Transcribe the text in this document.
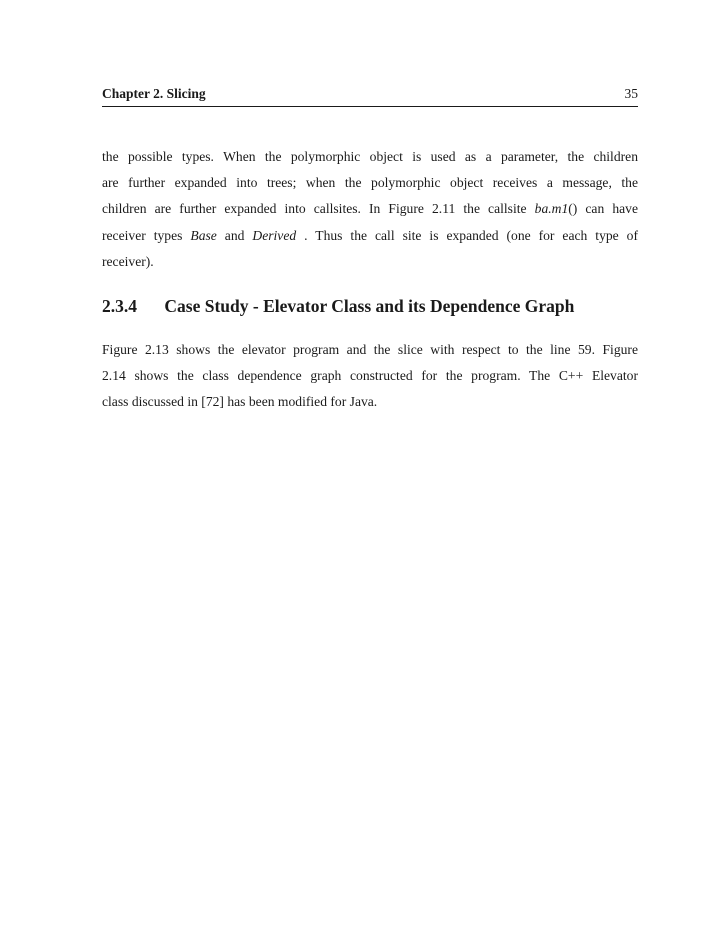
Chapter 2. Slicing	35
the possible types. When the polymorphic object is used as a parameter, the children
are further expanded into trees; when the polymorphic object receives a message, the
children are further expanded into callsites. In Figure 2.11 the callsite ba.m1() can have
receiver types Base and Derived . Thus the call site is expanded (one for each type of
receiver).
2.3.4 Case Study - Elevator Class and its Dependence Graph
Figure 2.13 shows the elevator program and the slice with respect to the line 59. Figure
2.14 shows the class dependence graph constructed for the program. The C++ Elevator
class discussed in [72] has been modified for Java.
